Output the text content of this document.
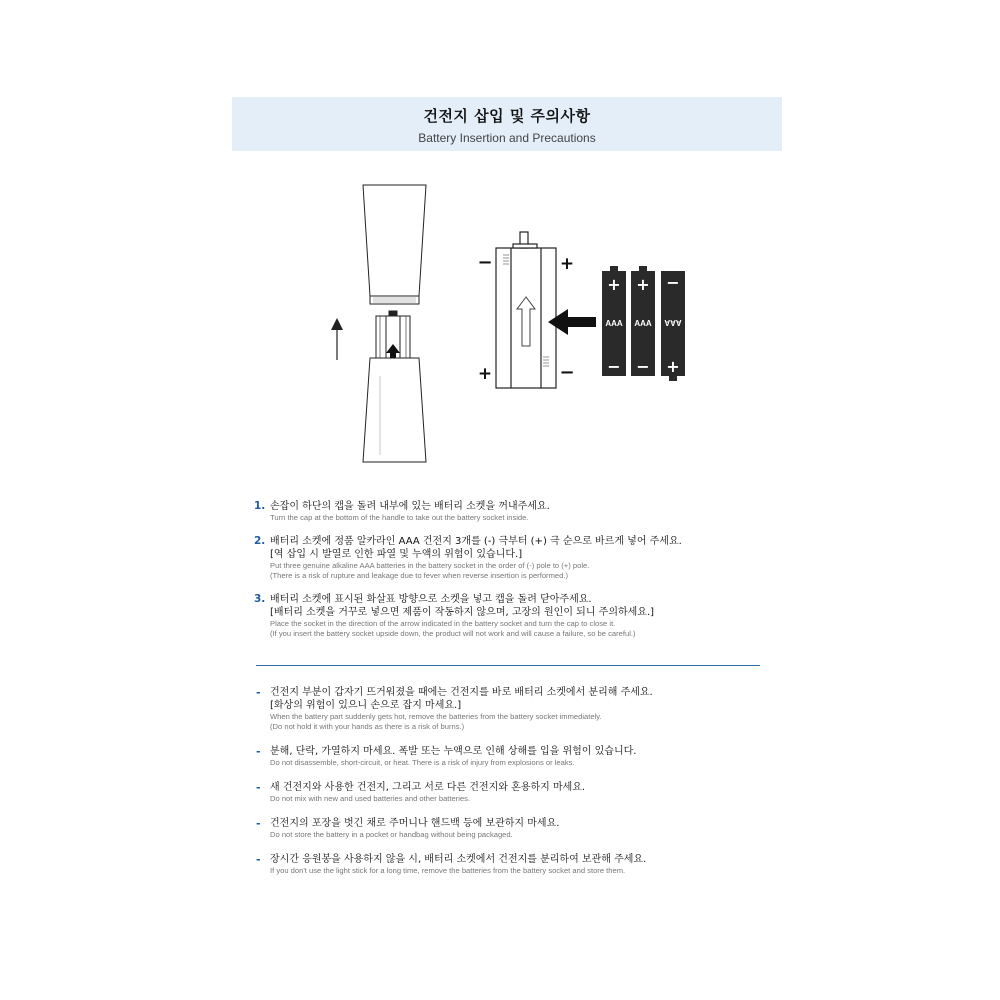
건전지 삽입 및 주의사항
Battery Insertion and Precautions
−	+
+	−
+
AAA
−
+
AAA
−
−
AAA
+
1. 손잡이 하단의 캡을 돌려 내부에 있는 배터리 소켓을 꺼내주세요.
Turn the cap at the bottom of the handle to take out the battery socket inside.
2. 배터리 소켓에 정품 알카라인 AAA 건전지 3개를 (-) 극부터 (+) 극 순으로 바르게 넣어 주세요.
[역 삽입 시 발열로 인한 파열 및 누액의 위험이 있습니다.]
Put three genuine alkaline AAA batteries in the battery socket in the order of (-) pole to (+) pole.
(There is a risk of rupture and leakage due to fever when reverse insertion is performed.)
3. 배터리 소켓에 표시된 화살표 방향으로 소켓을 넣고 캡을 돌려 닫아주세요.
[배터리 소켓을 거꾸로 넣으면 제품이 작동하지 않으며, 고장의 원인이 되니 주의하세요.]
Place the socket in the direction of the arrow indicated in the battery socket and turn the cap to close it.
(If you insert the battery socket upside down, the product will not work and will cause a failure, so be careful.)
- 건전지 부분이 갑자기 뜨거워졌을 때에는 건전지를 바로 배터리 소켓에서 분리해 주세요.
[화상의 위험이 있으니 손으로 잡지 마세요.]
When the battery part suddenly gets hot, remove the batteries from the battery socket immediately.
(Do not hold it with your hands as there is a risk of burns.)
- 분해, 단락, 가열하지 마세요. 폭발 또는 누액으로 인해 상해를 입을 위험이 있습니다.
Do not disassemble, short-circuit, or heat. There is a risk of injury from explosions or leaks.
- 새 건전지와 사용한 건전지, 그리고 서로 다른 건전지와 혼용하지 마세요.
Do not mix with new and used batteries and other batteries.
- 건전지의 포장을 벗긴 채로 주머니나 핸드백 등에 보관하지 마세요.
Do not store the battery in a pocket or handbag without being packaged.
- 장시간 응원봉을 사용하지 않을 시, 배터리 소켓에서 건전지를 분리하여 보관해 주세요.
If you don't use the light stick for a long time, remove the batteries from the battery socket and store them.
